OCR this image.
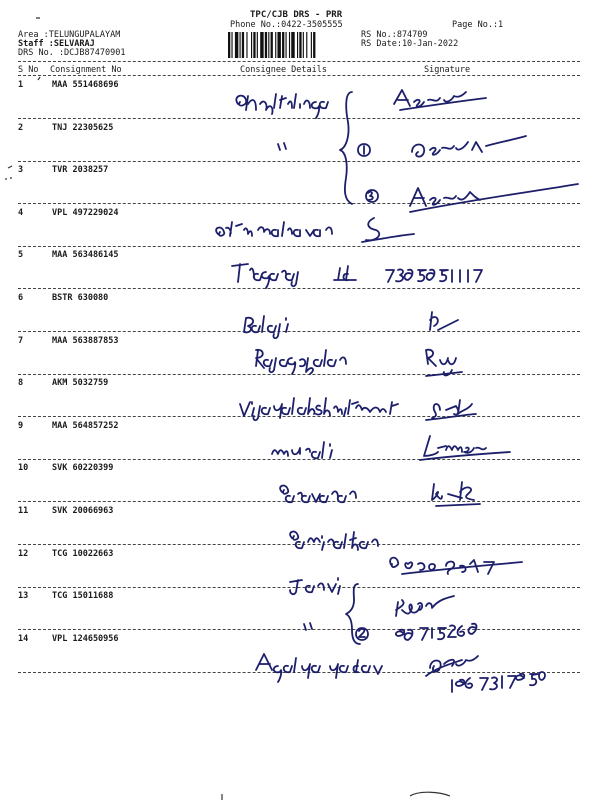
TPC/CJB DRS - PRR
Phone No.:0422-3505555	Page No.:1
Area :TELUNGUPALAYAM
Staff :SELVARAJ
DRS No. :DCJB87470901
RS No.:874709
RS Date:10-Jan-2022
S No Consignment No	Consignee Details	Signature
1	MAA 551468696
2	TNJ 22305625
3	TVR 2038257
4	VPL 497229024
5	MAA 563486145
6	BSTR 630080
7	MAA 563887853
8	AKM 5032759
9	MAA 564857252
10	SVK 60220399
11	SVK 20066963
12	TCG 10022663
13	TCG 15011688
14	VPL 124650956
